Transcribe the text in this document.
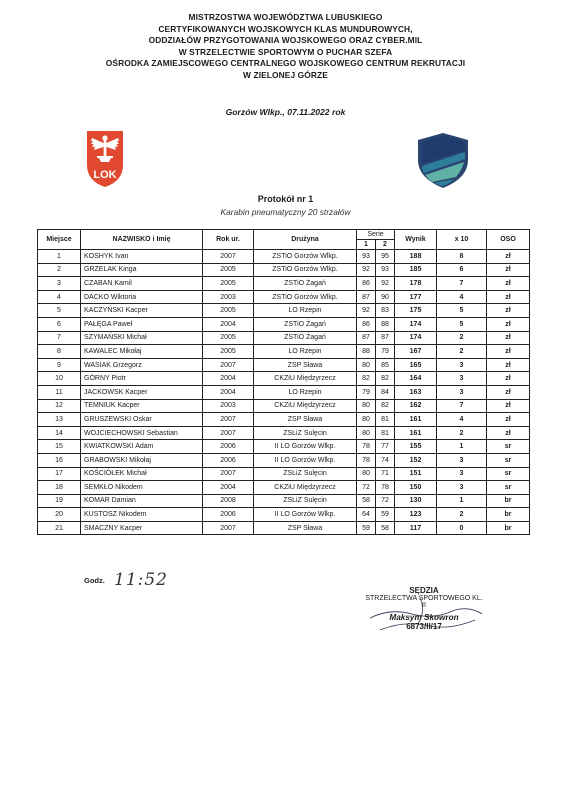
MISTRZOSTWA WOJEWÓDZTWA LUBUSKIEGO
CERTYFIKOWANYCH WOJSKOWYCH KLAS MUNDUROWYCH,
ODDZIAŁÓW PRZYGOTOWANIA WOJSKOWEGO ORAZ CYBER.MIL
W STRZELECTWIE SPORTOWYM O PUCHAR SZEFA
OŚRODKA ZAMIEJSCOWEGO CENTRALNEGO WOJSKOWEGO CENTRUM REKRUTACJI
W ZIELONEJ GÓRZE
Gorzów Wlkp., 07.11.2022 rok
LOK
Protokół nr 1
Karabin pneumatyczny 20 strzałów
Miejsce	NAZWISKO i Imię	Rok ur.	Drużyna	Serie		Wynik	x 10	OSO
				1	2			
1	KOSHYK Ivan	2007	ZSTiO Gorzów Wlkp.	93	95	188	8	zł
2	GRZELAK Kinga	2005	ZSTiO Gorzów Wlkp.	92	93	185	6	zł
3	CZABAN Kamil	2005	ZSTiO Żagań	86	92	178	7	zł
4	DACKO Wiktoria	2003	ZSTiO Gorzów Wlkp.	87	90	177	4	zł
5	KACZYŃSKI Kacper	2005	LO Rzepin	92	83	175	5	zł
6	PAŁĘGA Paweł	2004	ZSTiO Żagań	86	88	174	5	zł
7	SZYMAŃSKI Michał	2005	ZSTiO Żagań	87	87	174	2	zł
8	KAWALEC Mikołaj	2005	LO Rzepin	88	79	167	2	zł
9	WASIAK Grzegorz	2007	ZSP Sława	80	85	165	3	zł
10	GÓRNY Piotr	2004	CKZiU Międzyrzecz	82	82	164	3	zł
11	JACKOWSK Kacper	2004	LO Rzepin	79	84	163	3	zł
12	TEMNIUK Kacper	2003	CKZiU Międzyrzecz	80	82	162	7	zł
13	GRUSZEWSKI Oskar	2007	ZSP Sława	80	81	161	4	zł
14	WOJCIECHOWSKI Sebastian	2007	ZSLiZ Sulęcin	80	81	161	2	zł
15	KWIATKOWSKI Adam	2006	II LO Gorzów Wlkp.	78	77	155	1	sr
16	GRABOWSKI Mikołaj	2006	II LO Gorzów Wlkp.	78	74	152	3	sr
17	KOŚCIÓŁEK Michał	2007	ZSLiZ Sulęcin	80	71	151	3	sr
18	SEMKŁO Nikodem	2004	CKZiU Międzyrzecz	72	78	150	3	sr
19	KOMAR Damian	2008	ZSLiZ Sulęcin	58	72	130	1	br
20	KUSTOSZ Nikodem	2006	II LO Gorzów Wlkp.	64	59	123	2	br
21	SMACZNY Kacper	2007	ZSP Sława	59	58	117	0	br
Godz. 11:52
SĘDZIA
STRZELECTWA SPORTOWEGO KL. II
Maksym Skowron
6873/II/17
